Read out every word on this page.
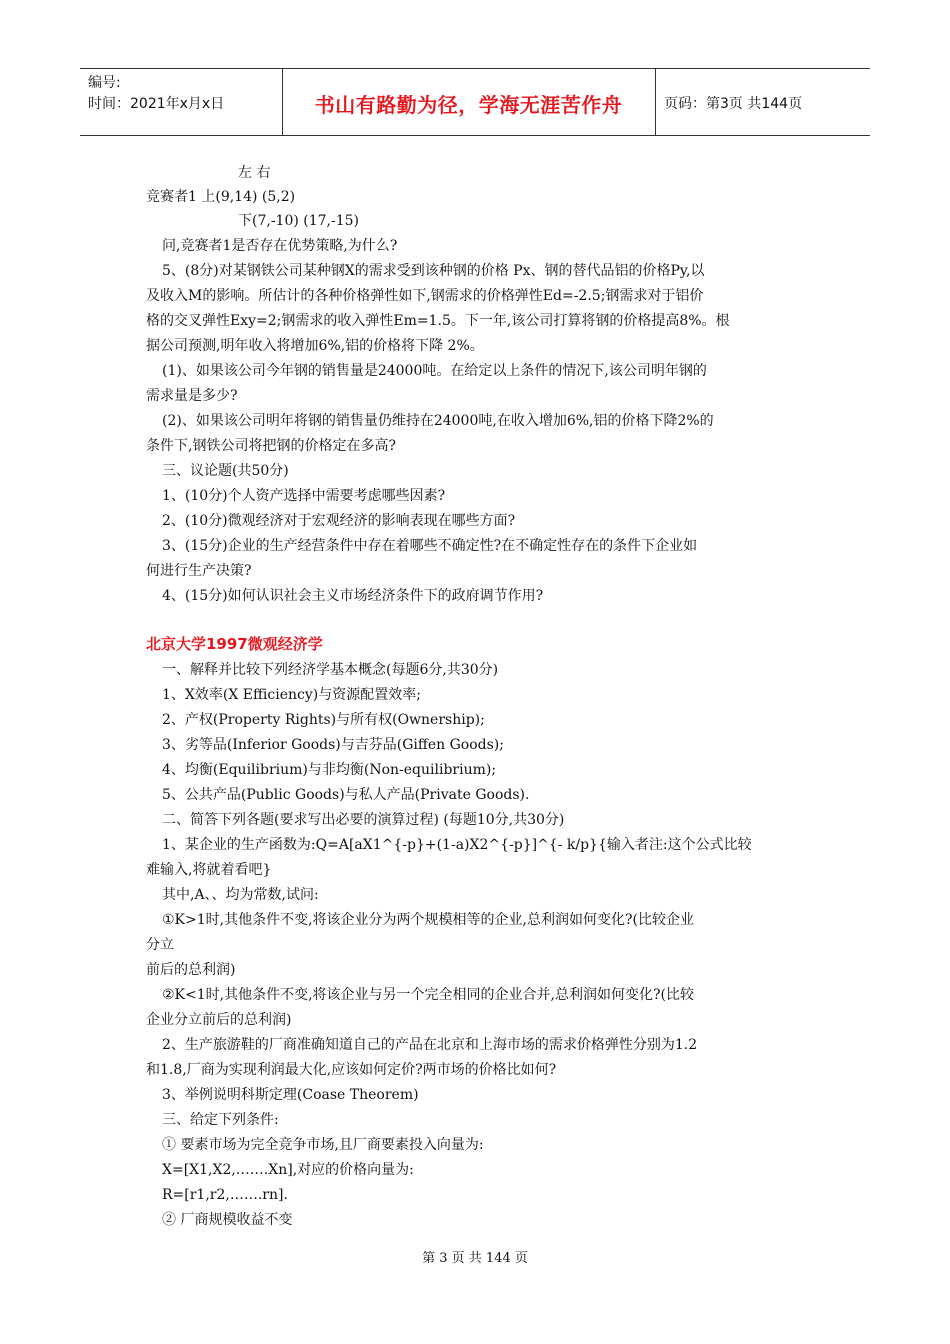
编号:
时间：2021年x月x日	书山有路勤为径，学海无涯苦作舟	页码：第3页 共144页
左 右
竞赛者1 上(9,14) (5,2)
下(7,-10) (17,-15)
问,竞赛者1是否存在优势策略,为什么?
5、(8分)对某钢铁公司某种钢X的需求受到该种钢的价格 Px、钢的替代品铝的价格Py,以
及收入M的影响。所估计的各种价格弹性如下,钢需求的价格弹性Ed=-2.5;钢需求对于铝价
格的交叉弹性Exy=2;钢需求的收入弹性Em=1.5。下一年,该公司打算将钢的价格提高8%。根
据公司预测,明年收入将增加6%,铝的价格将下降 2%。
(1)、如果该公司今年钢的销售量是24000吨。在给定以上条件的情况下,该公司明年钢的
需求量是多少?
(2)、如果该公司明年将钢的销售量仍维持在24000吨,在收入增加6%,铝的价格下降2%的
条件下,钢铁公司将把钢的价格定在多高?
三、议论题(共50分)
1、(10分)个人资产选择中需要考虑哪些因素?
2、(10分)微观经济对于宏观经济的影响表现在哪些方面?
3、(15分)企业的生产经营条件中存在着哪些不确定性?在不确定性存在的条件下企业如
何进行生产决策?
4、(15分)如何认识社会主义市场经济条件下的政府调节作用?
北京大学1997微观经济学
一、解释并比较下列经济学基本概念(每题6分,共30分)
1、X效率(X Efficiency)与资源配置效率;
2、产权(Property Rights)与所有权(Ownership);
3、劣等品(Inferior Goods)与吉芬品(Giffen Goods);
4、均衡(Equilibrium)与非均衡(Non-equilibrium);
5、公共产品(Public Goods)与私人产品(Private Goods).
二、简答下列各题(要求写出必要的演算过程) (每题10分,共30分)
1、某企业的生产函数为:Q=A[aX1^{-p}+(1-a)X2^{-p}]^{- k/p}{输入者注:这个公式比较
难输入,将就着看吧}
其中,A、、均为常数,试问:
①K>1时,其他条件不变,将该企业分为两个规模相等的企业,总利润如何变化?(比较企业
分立
前后的总利润)
②K<1时,其他条件不变,将该企业与另一个完全相同的企业合并,总利润如何变化?(比较
企业分立前后的总利润)
2、生产旅游鞋的厂商准确知道自己的产品在北京和上海市场的需求价格弹性分别为1.2
和1.8,厂商为实现利润最大化,应该如何定价?两市场的价格比如何?
3、举例说明科斯定理(Coase Theorem)
三、给定下列条件:
① 要素市场为完全竞争市场,且厂商要素投入向量为:
X=[X1,X2,…….Xn],对应的价格向量为:
R=[r1,r2,…….rn].
② 厂商规模收益不变
第 3 页 共 144 页
